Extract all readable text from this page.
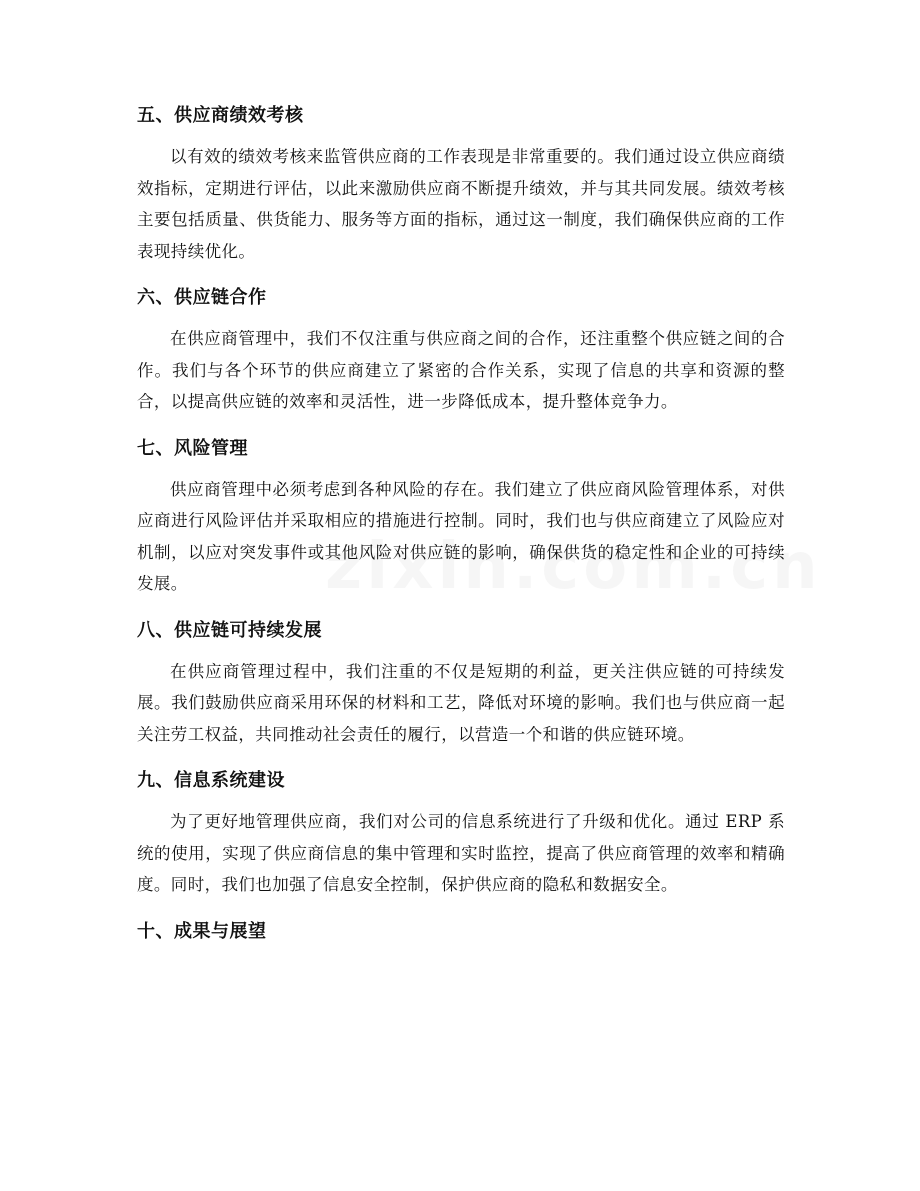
五、供应商绩效考核

以有效的绩效考核来监管供应商的工作表现是非常重要的。我们通过设立供应商绩效指标，定期进行评估，以此来激励供应商不断提升绩效，并与其共同发展。绩效考核主要包括质量、供货能力、服务等方面的指标，通过这一制度，我们确保供应商的工作表现持续优化。

六、供应链合作

在供应商管理中，我们不仅注重与供应商之间的合作，还注重整个供应链之间的合作。我们与各个环节的供应商建立了紧密的合作关系，实现了信息的共享和资源的整合，以提高供应链的效率和灵活性，进一步降低成本，提升整体竞争力。

七、风险管理

供应商管理中必须考虑到各种风险的存在。我们建立了供应商风险管理体系，对供应商进行风险评估并采取相应的措施进行控制。同时，我们也与供应商建立了风险应对机制，以应对突发事件或其他风险对供应链的影响，确保供货的稳定性和企业的可持续发展。

八、供应链可持续发展

在供应商管理过程中，我们注重的不仅是短期的利益，更关注供应链的可持续发展。我们鼓励供应商采用环保的材料和工艺，降低对环境的影响。我们也与供应商一起关注劳工权益，共同推动社会责任的履行，以营造一个和谐的供应链环境。

九、信息系统建设

为了更好地管理供应商，我们对公司的信息系统进行了升级和优化。通过 ERP 系统的使用，实现了供应商信息的集中管理和实时监控，提高了供应商管理的效率和精确度。同时，我们也加强了信息安全控制，保护供应商的隐私和数据安全。

十、成果与展望
